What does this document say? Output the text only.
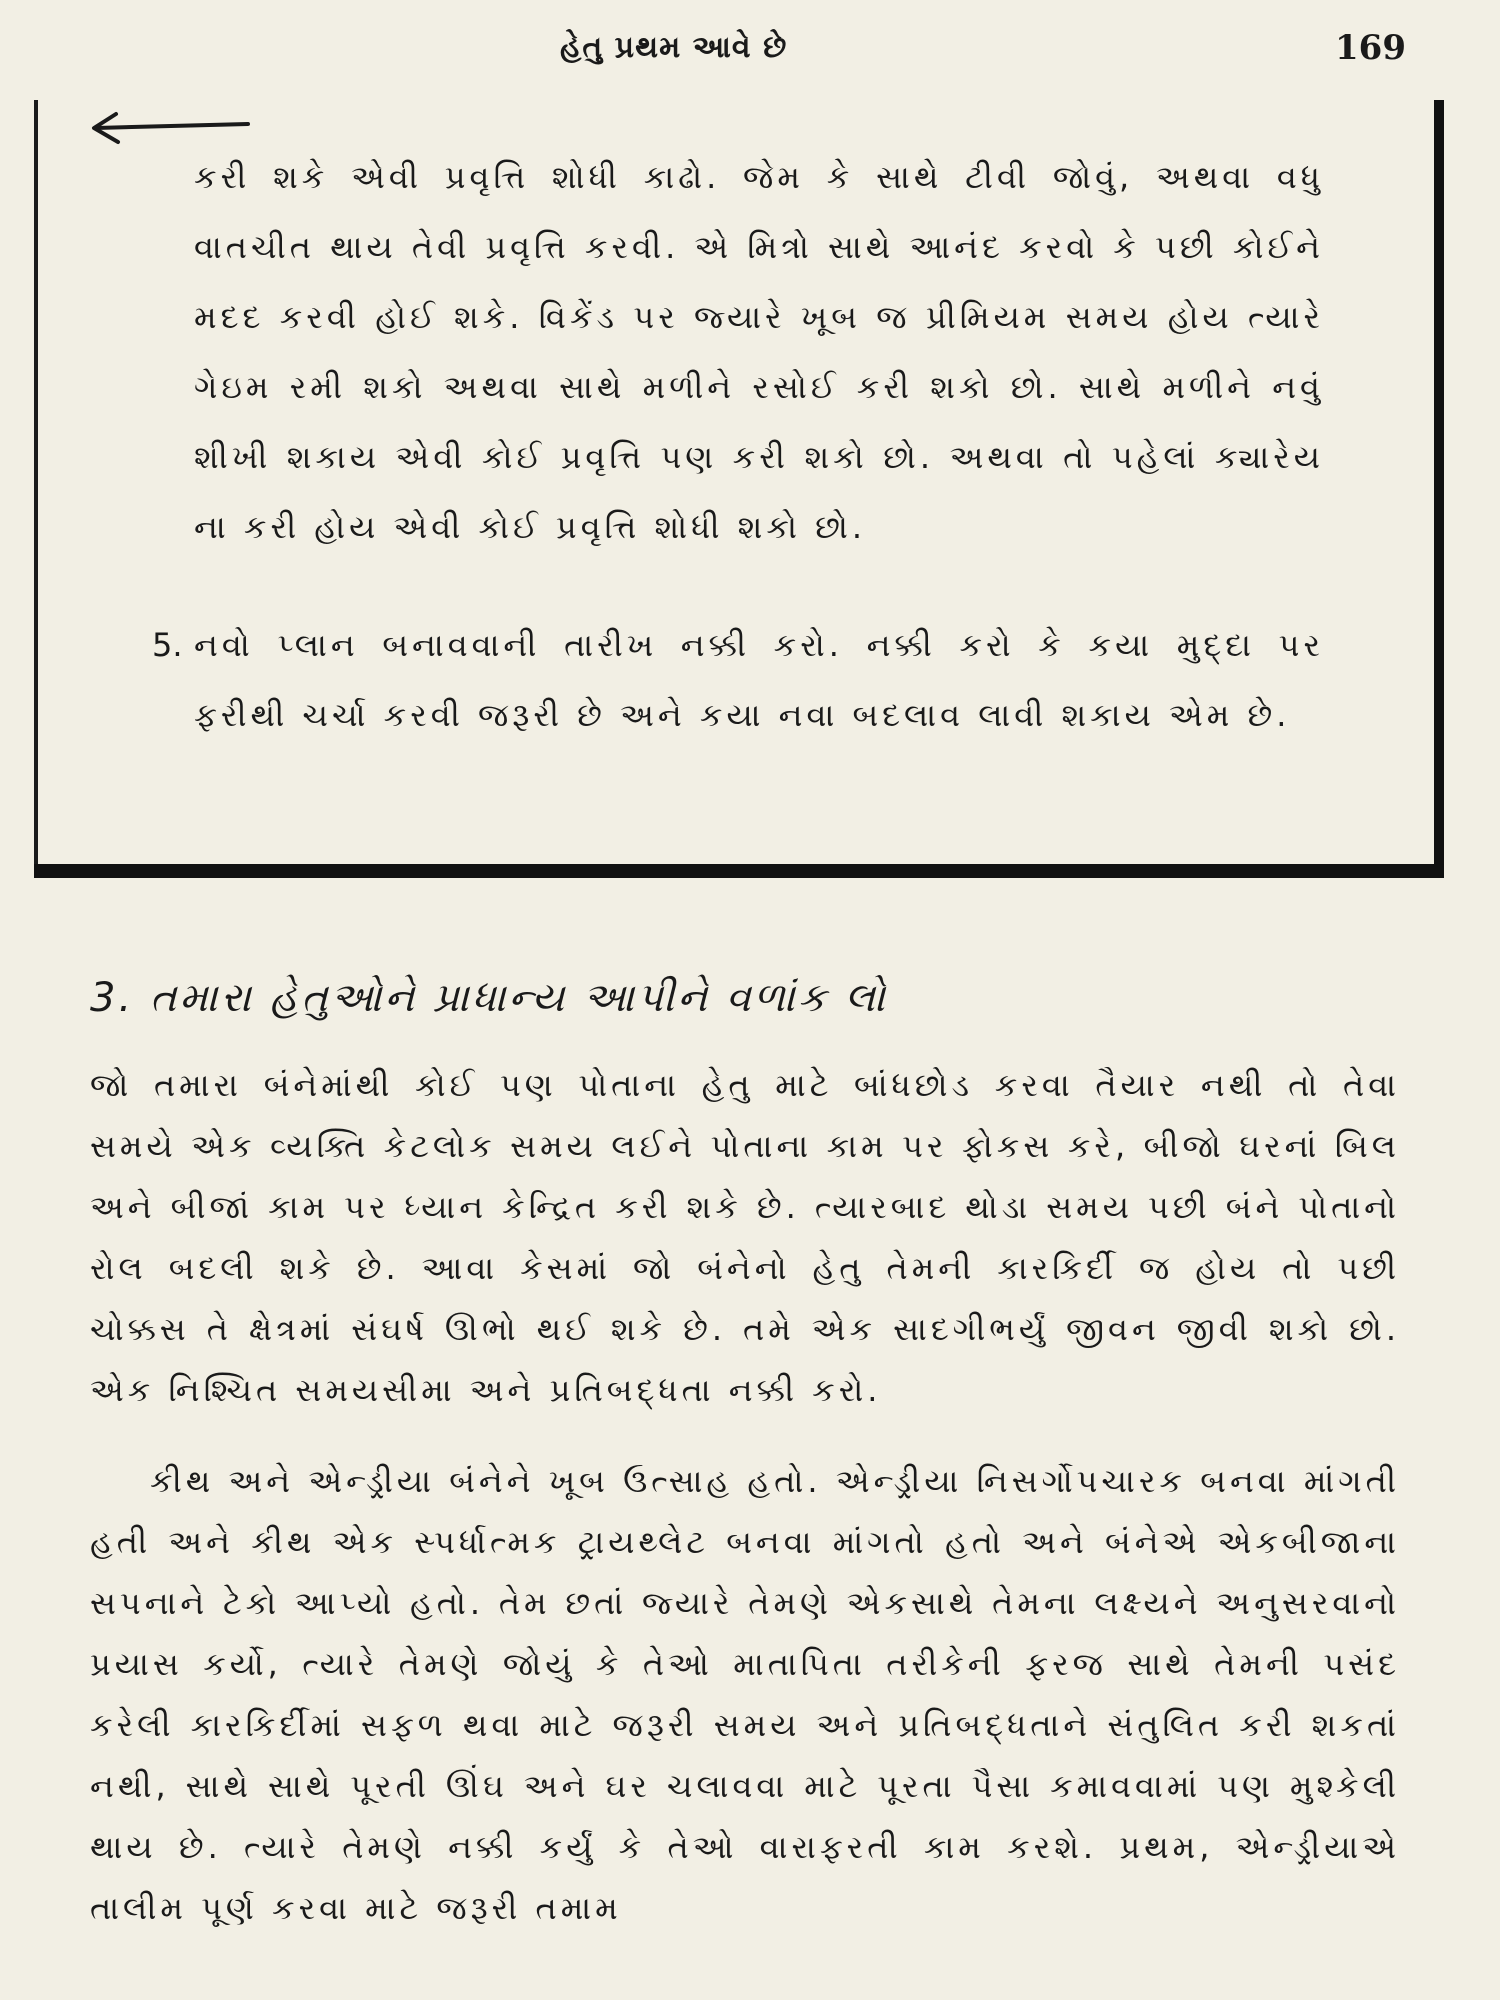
હેતુ પ્રથમ આવે છે	169

કરી શકે એવી પ્રવૃત્તિ શોધી કાઢો. જેમ કે સાથે ટીવી જોવું, અથવા વધુ વાતચીત થાય તેવી પ્રવૃત્તિ કરવી. એ મિત્રો સાથે આનંદ કરવો કે પછી કોઈને મદદ કરવી હોઈ શકે. વિકેંડ પર જ્યારે ખૂબ જ પ્રીમિયમ સમય હોય ત્યારે ગેઇમ રમી શકો અથવા સાથે મળીને રસોઈ કરી શકો છો. સાથે મળીને નવું શીખી શકાય એવી કોઈ પ્રવૃત્તિ પણ કરી શકો છો. અથવા તો પહેલાં ક્યારેય ના કરી હોય એવી કોઈ પ્રવૃત્તિ શોધી શકો છો.

5. નવો પ્લાન બનાવવાની તારીખ નક્કી કરો. નક્કી કરો કે કયા મુદ્દા પર ફરીથી ચર્ચા કરવી જરૂરી છે અને કયા નવા બદલાવ લાવી શકાય એમ છે.

3. તમારા હેતુઓને પ્રાધાન્ય આપીને વળાંક લો

જો તમારા બંનેમાંથી કોઈ પણ પોતાના હેતુ માટે બાંધછોડ કરવા તૈયાર નથી તો તેવા સમયે એક વ્યક્તિ કેટલોક સમય લઈને પોતાના કામ પર ફોકસ કરે, બીજો ઘરનાં બિલ અને બીજાં કામ પર ધ્યાન કેન્દ્રિત કરી શકે છે. ત્યારબાદ થોડા સમય પછી બંને પોતાનો રોલ બદલી શકે છે. આવા કેસમાં જો બંનેનો હેતુ તેમની કારકિર્દી જ હોય તો પછી ચોક્કસ તે ક્ષેત્રમાં સંઘર્ષ ઊભો થઈ શકે છે. તમે એક સાદગીભર્યું જીવન જીવી શકો છો. એક નિશ્ચિત સમયસીમા અને પ્રતિબદ્ધતા નક્કી કરો.

કીથ અને એન્ડ્રીયા બંનેને ખૂબ ઉત્સાહ હતો. એન્ડ્રીયા નિસર્ગોપચારક બનવા માંગતી હતી અને કીથ એક સ્પર્ધાત્મક ટ્રાયથ્લેટ બનવા માંગતો હતો અને બંનેએ એકબીજાના સપનાને ટેકો આપ્યો હતો. તેમ છતાં જ્યારે તેમણે એકસાથે તેમના લક્ષ્યને અનુસરવાનો પ્રયાસ કર્યો, ત્યારે તેમણે જોયું કે તેઓ માતાપિતા તરીકેની ફરજ સાથે તેમની પસંદ કરેલી કારકિર્દીમાં સફળ થવા માટે જરૂરી સમય અને પ્રતિબદ્ધતાને સંતુલિત કરી શકતાં નથી, સાથે સાથે પૂરતી ઊંઘ અને ઘર ચલાવવા માટે પૂરતા પૈસા કમાવવામાં પણ મુશ્કેલી થાય છે. ત્યારે તેમણે નક્કી કર્યું કે તેઓ વારાફરતી કામ કરશે. પ્રથમ, એન્ડ્રીયાએ તાલીમ પૂર્ણ કરવા માટે જરૂરી તમામ
